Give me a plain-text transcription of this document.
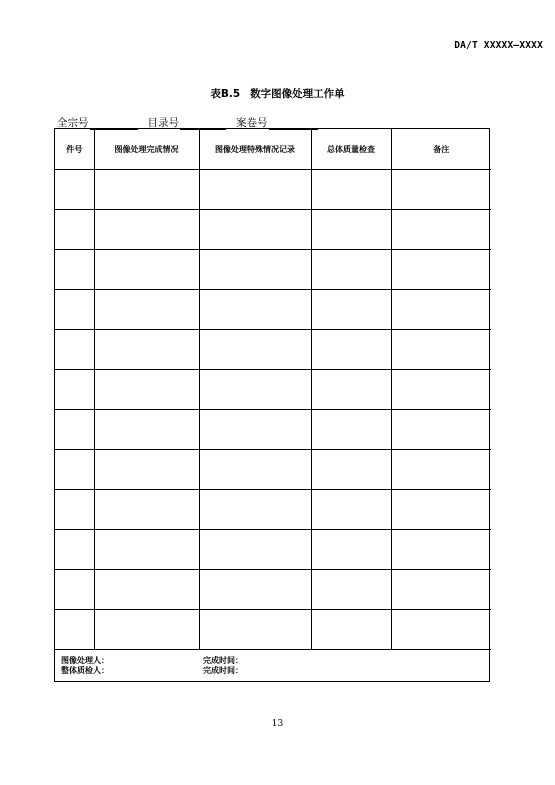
DA/T XXXXX—XXXX
表B.5 数字图像处理工作单
全宗号	目录号	案卷号
件号	图像处理完成情况	图像处理特殊情况记录	总体质量检查	备注

图像处理人：	完成时间：
整体质检人：	完成时间：
13
